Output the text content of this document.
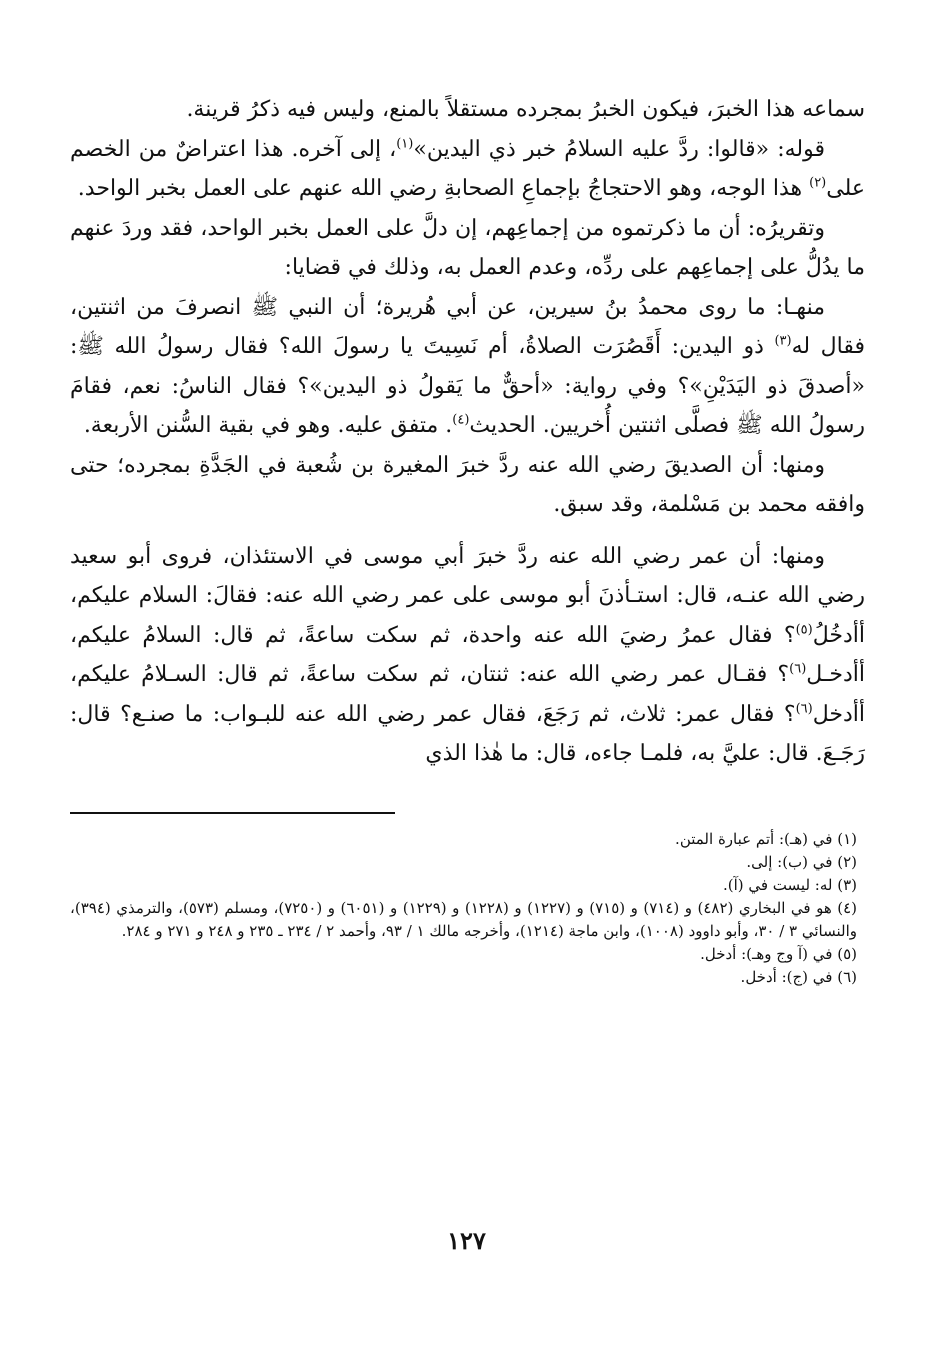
سماعه هذا الخبرَ، فيكون الخبرُ بمجرده مستقلاً بالمنع، وليس فيه ذكرُ قرينة.

قوله: «قالوا: ردَّ عليه السلامُ خبر ذي اليدين»$^{(١)}$، إلى آخره. هذا اعتراضٌ من الخصم على$^{(٢)}$ هذا الوجه، وهو الاحتجاجُ بإجماعِ الصحابةِ رضي الله عنهم على العمل بخبر الواحد.

وتقريرُه: أن ما ذكرتموه من إجماعِهم، إن دلَّ على العمل بخبر الواحد، فقد وردَ عنهم ما يدُلُّ على إجماعِهم على ردِّه، وعدم العمل به، وذلك في قضايا:

منهـا: ما روى محمدُ بنُ سيرين، عن أبي هُريرة؛ أن النبي ﷺ انصرفَ من اثنتين، فقال له$^{(٣)}$ ذو اليدين: أَقَصُرَت الصلاةُ، أم نَسِيتَ يا رسولَ الله؟ فقال رسولُ الله ﷺ: «أصدقَ ذو اليَدَيْنِ»؟ وفي رواية: «أحقٌّ ما يَقولُ ذو اليدين»؟ فقال الناسُ: نعم، فقامَ رسولُ الله ﷺ فصلَّى اثنتين أُخريين. الحديث$^{(٤)}$. متفق عليه. وهو في بقية السُّنن الأربعة.

ومنها: أن الصديقَ رضي الله عنه ردَّ خبرَ المغيرة بن شُعبة في الجَدَّةِ بمجرده؛ حتى وافقه محمد بن مَسْلمة، وقد سبق.

ومنها: أن عمر رضي الله عنه ردَّ خبرَ أبي موسى في الاستئذان، فروى أبو سعيد رضي الله عنـه، قال: استـأذنَ أبو موسى على عمر رضي الله عنه: فقالَ: السلام عليكم، أأدخُلُ$^{(٥)}$؟ فقال عمرُ رضيَ الله عنه واحدة، ثم سكت ساعةً، ثم قال: السلامُ عليكم، أأدخـل$^{(٦)}$؟ فقـال عمر رضي الله عنه: ثنتان، ثم سكت ساعةً، ثم قال: السـلامُ عليكم، أأدخل$^{(٦)}$؟ فقال عمر: ثلاث، ثم رَجَعَ، فقال عمر رضي الله عنه للبـواب: ما صنـع؟ قال: رَجَـعَ. قال: عليَّ به، فلمـا جاءه، قال: ما هٰذا الذي

(١) في (هـ): أتم عبارة المتن.

(٢) في (ب): إلى.

(٣) له: ليست في (آ).

(٤) هو في البخاري (٤٨٢) و (٧١٤) و (٧١٥) و (١٢٢٧) و (١٢٢٨) و (١٢٢٩) و (٦٠٥١) و (٧٢٥٠)، ومسلم (٥٧٣)، والترمذي (٣٩٤)، والنسائي ٣ / ٣٠، وأبو داوود (١٠٠٨)، وابن ماجة (١٢١٤)، وأخرجه مالك ١ / ٩٣، وأحمد ٢ / ٢٣٤ ـ ٢٣٥ و ٢٤٨ و ٢٧١ و ٢٨٤.

(٥) في (آ وج وهـ): أدخل.

(٦) في (ج): أدخل.

١٢٧
